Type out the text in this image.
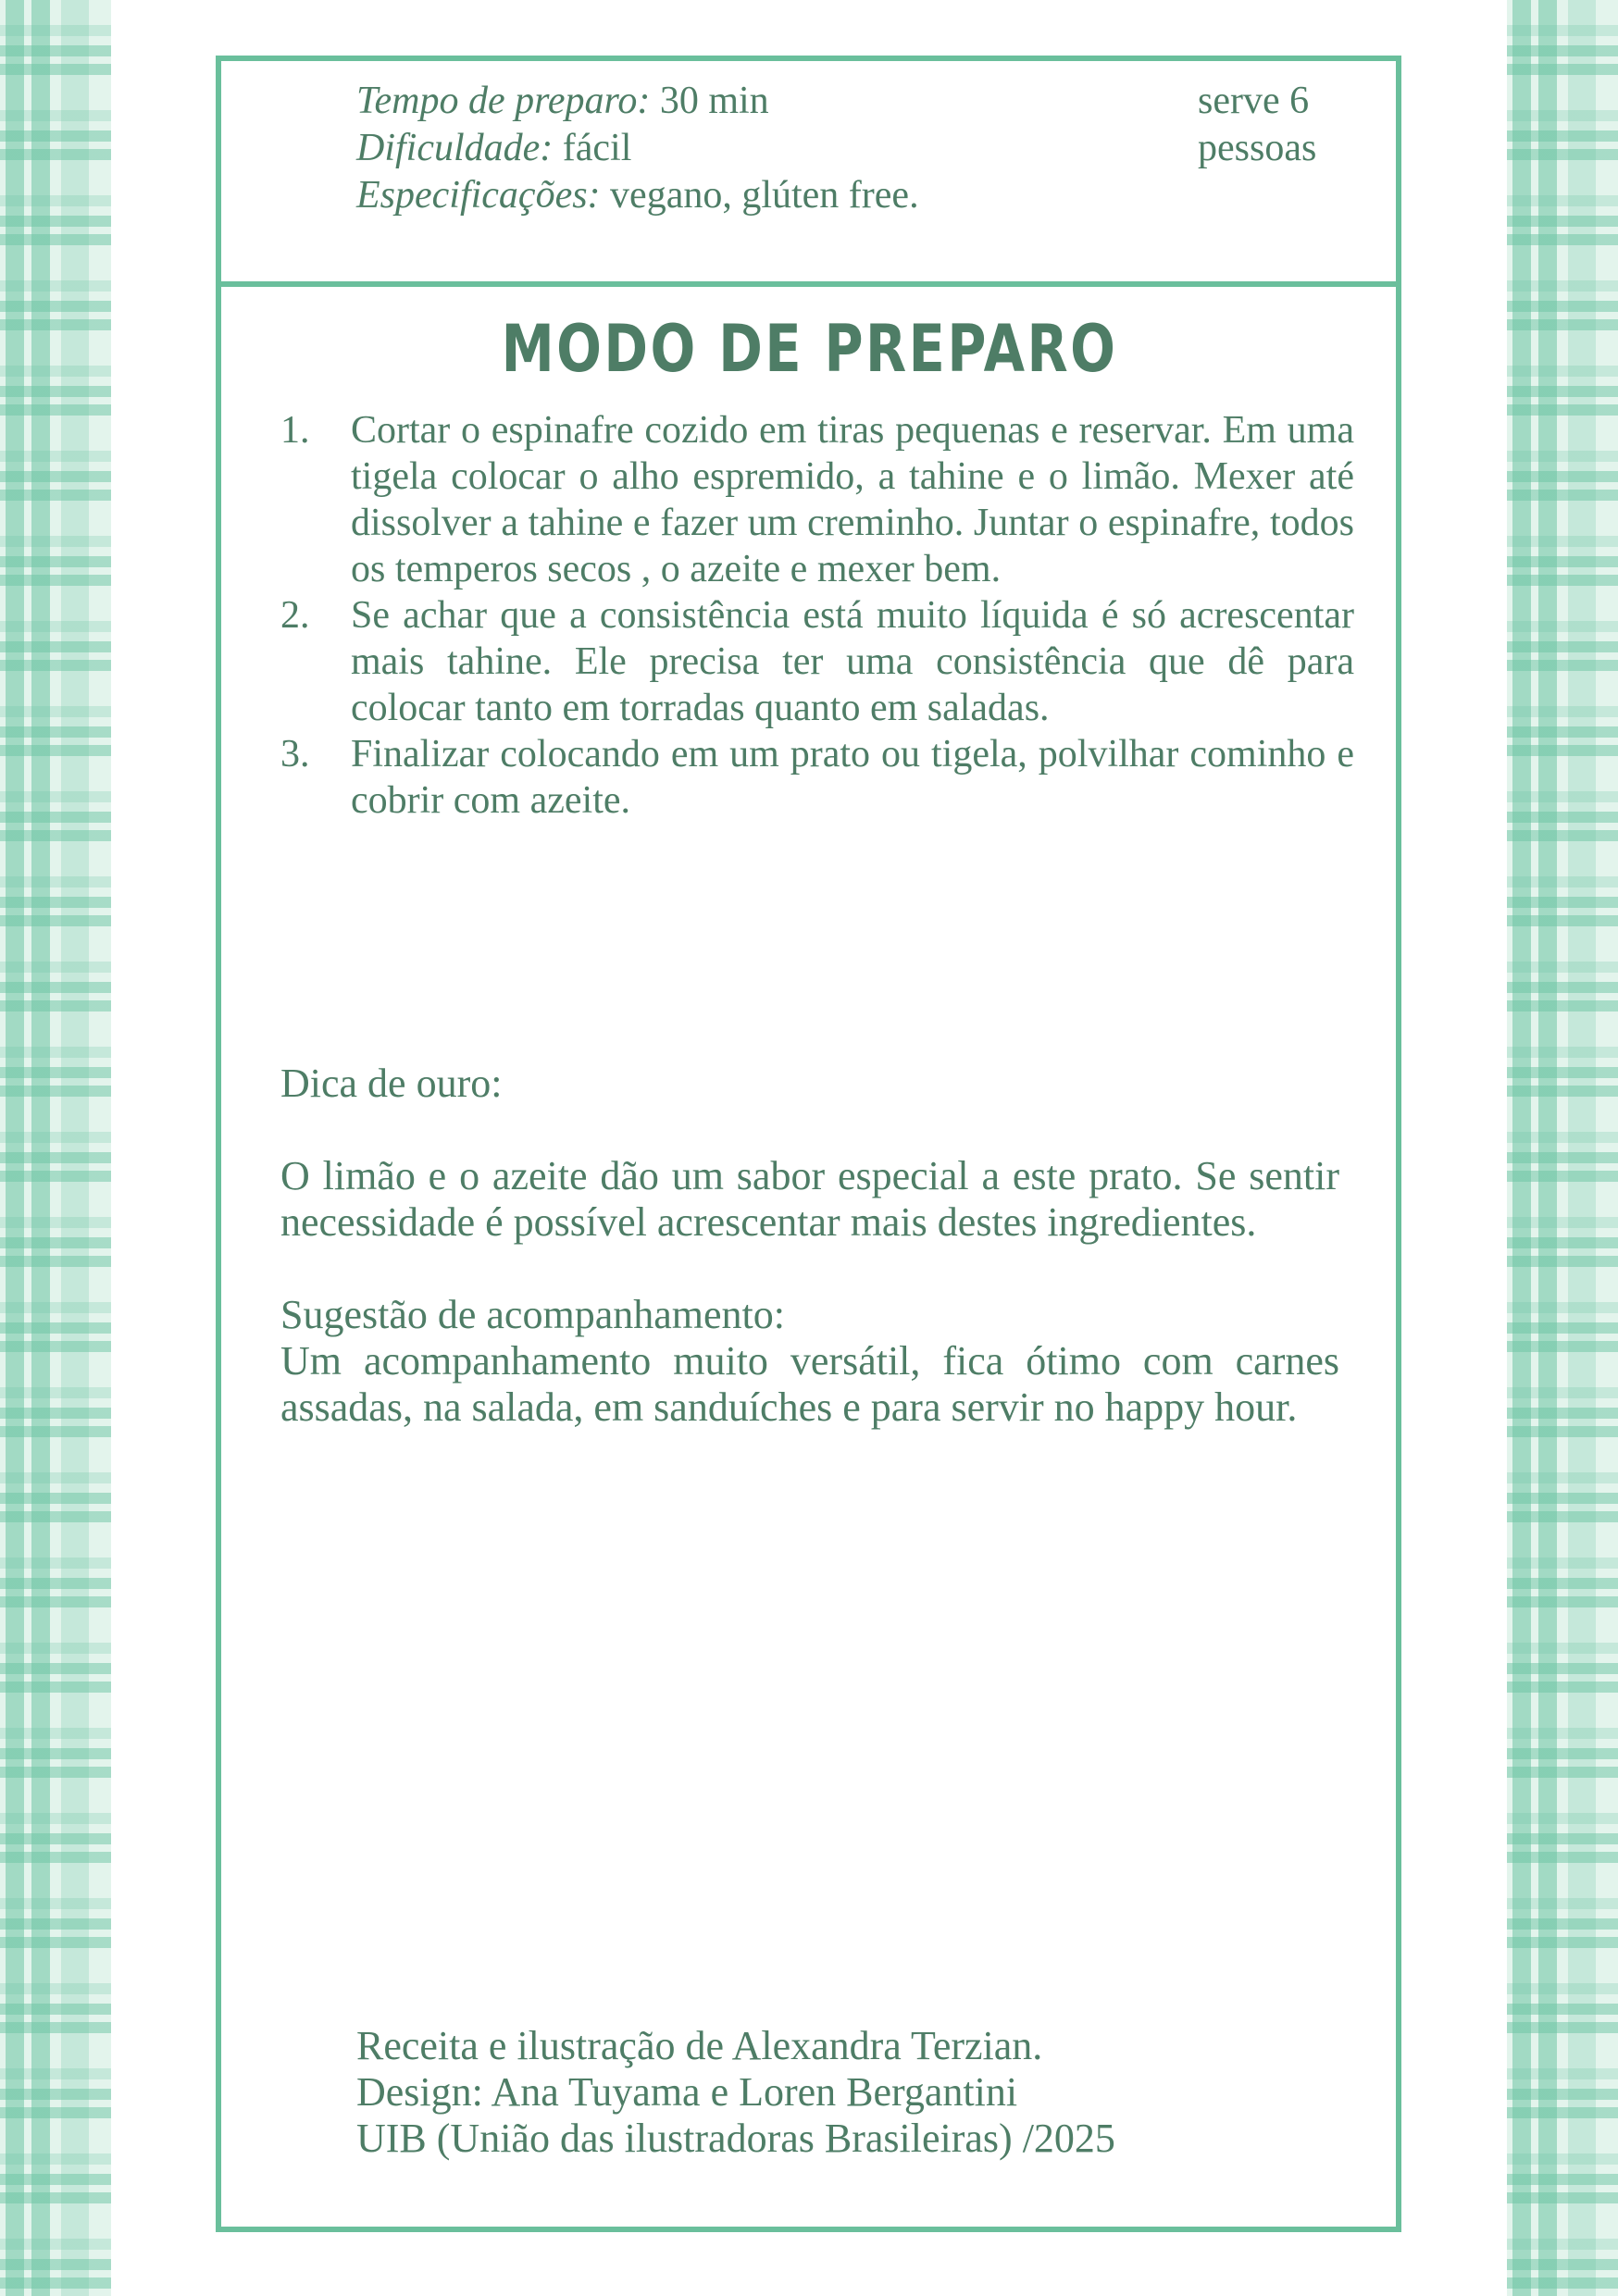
Tempo de preparo: 30 min
Dificuldade: fácil
Especificações: vegano, glúten free.
serve 6
pessoas
MODO DE PREPARO
1. Cortar o espinafre cozido em tiras pequenas e reservar. Em uma tigela colocar o alho espremido, a tahine e o limão. Mexer até dissolver a tahine e fazer um creminho. Juntar o espinafre, todos os temperos secos , o azeite e mexer bem.
2. Se achar que a consistência está muito líquida é só acrescentar mais tahine. Ele precisa ter uma consistência que dê para colocar tanto em torradas quanto em saladas.
3. Finalizar colocando em um prato ou tigela, polvilhar cominho e cobrir com azeite.

Dica de ouro:

O limão e o azeite dão um sabor especial a este prato. Se sentir necessidade é possível acrescentar mais destes ingredientes.

Sugestão de acompanhamento:

Um acompanhamento muito versátil, fica ótimo com carnes assadas, na salada, em sanduíches e para servir no happy hour.

Receita e ilustração de Alexandra Terzian.

Design: Ana Tuyama e Loren Bergantini

UIB (União das ilustradoras Brasileiras) /2025
